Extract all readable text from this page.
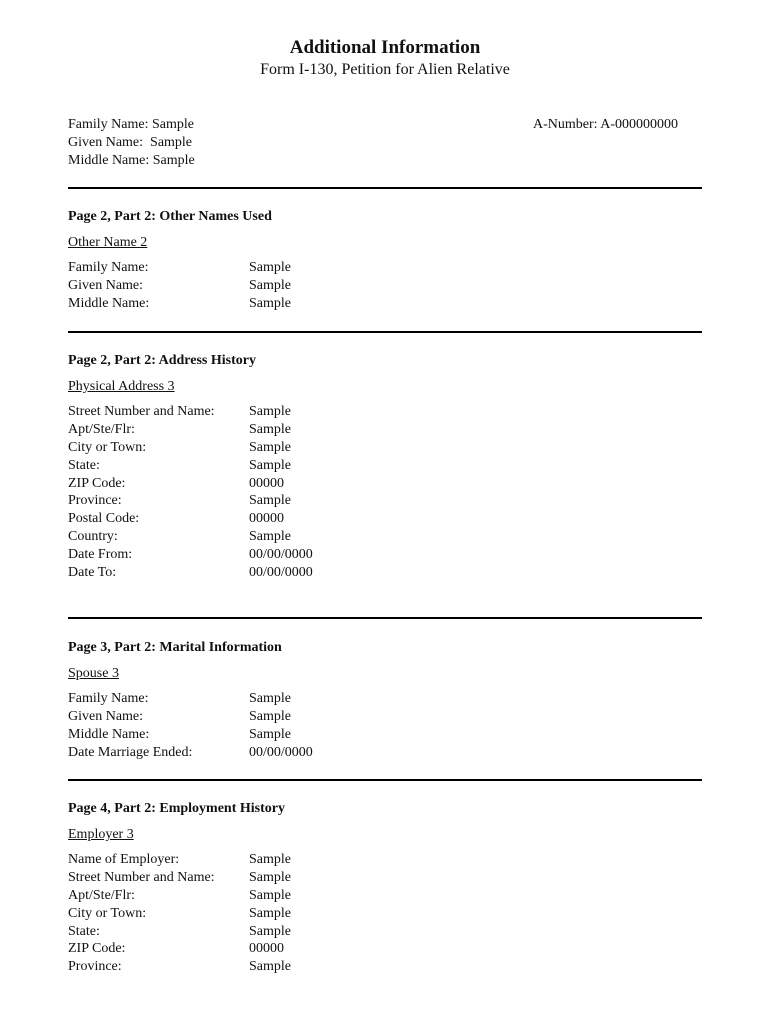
Additional Information
Form I-130, Petition for Alien Relative
Family Name: Sample
Given Name:  Sample
Middle Name: Sample
A-Number: A-000000000
Page 2, Part 2: Other Names Used
Other Name 2
Family Name:	Sample
Given Name:	Sample
Middle Name:	Sample
Page 2, Part 2: Address History
Physical Address 3
Street Number and Name:	Sample
Apt/Ste/Flr:	Sample
City or Town:	Sample
State:	Sample
ZIP Code:	00000
Province:	Sample
Postal Code:	00000
Country:	Sample
Date From:	00/00/0000
Date To:	00/00/0000
Page 3, Part 2: Marital Information
Spouse 3
Family Name:	Sample
Given Name:	Sample
Middle Name:	Sample
Date Marriage Ended:	00/00/0000
Page 4, Part 2: Employment History
Employer 3
Name of Employer:	Sample
Street Number and Name:	Sample
Apt/Ste/Flr:	Sample
City or Town:	Sample
State:	Sample
ZIP Code:	00000
Province:	Sample
